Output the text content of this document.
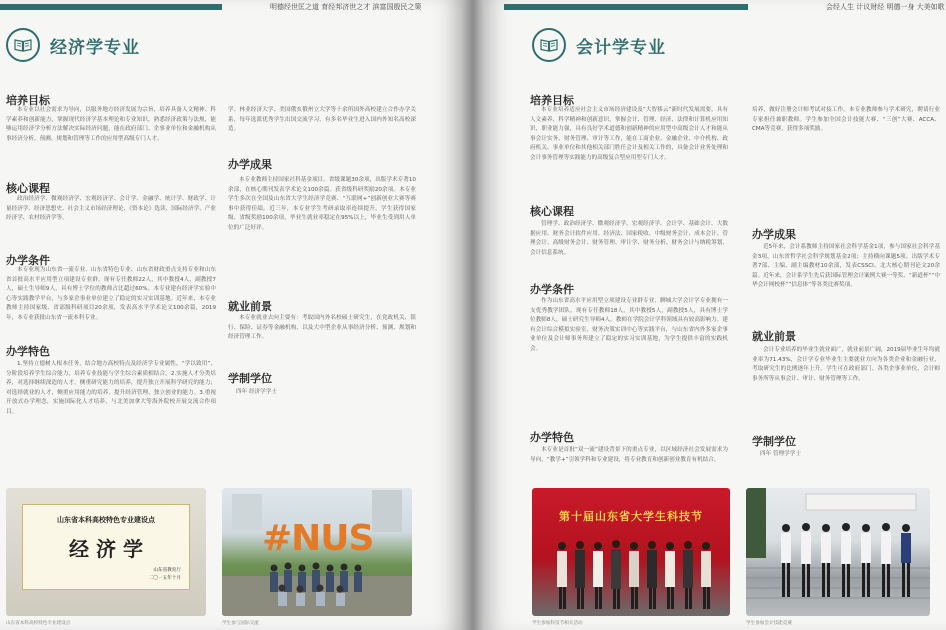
明德经世匡之道 育经邦济世之才 滨富国殷民之策
经济学专业
培养目标
本专业以社会需求为导向，以服务地方经济发展为宗旨，培养具备人文精神、科学素养和创新能力，掌握现代经济学基本理论和专业知识，熟悉经济政策与法规，能够运用经济学分析方法解决实际经济问题，能在政府部门、企事业单位和金融机构从事经济分析、预测、规划和管理等工作的应用型高级专门人才。
核心课程
政治经济学、微观经济学、宏观经济学、会计学、金融学、统计学、财政学、计量经济学、经济思想史、社会主义市场经济理论、《资本论》选读、国际经济学、产业经济学、农村经济学等。
办学条件
本专业现为山东省一流专业、山东省特色专业、山东省财政重点支持专业和山东省首批高水平应用型立项建设专业群。现有专任教师22人，其中教授4人，副教授7人，硕士生导师9人，具有博士学位的教师占比超过60%。本专业建有经济学实验中心等实践教学平台，与多家企事业单位建立了稳定的实习实训基地。近年来，本专业教师主持国家级、省部级科研项目20余项，发表高水平学术论文100余篇，2019年，本专业获批山东省一流本科专业。
办学特色
1.坚持立德树人根本任务，结合地方高校特点及经济学专业属性，“学以致用”，分阶段培养学生综合能力，培养专业技能与学生综合素质相结合。2.实施人才分类培养，对选择继续深造的人才，侧重研究能力的培养，提升独立开展科学研究的能力；对选择就业的人才，侧重应用能力的培养，提升经济管理、独立创业的能力。3.重视开放式办学理念，实施国际化人才培养，与北美加拿大等海外院校开展交流合作项目。
学、林业经济大学、美国俄亥俄州立大学等十余所国外高校建立合作办学关系，每年选派优秀学生出国交流学习，有多名毕业生进入国内外知名高校深造。
办学成果
本专业教师主持国家社科基金项目、省级课题30余项，出版学术专著10余部，在核心期刊发表学术论文100余篇。获省级科研奖励20余项。本专业学生多次在全国及山东省大学生经济学竞赛、“互联网+”创新创业大赛等赛事中获得佳绩。近三年，本专业学生考研录取率连续提升，学生获得国家级、省级奖励100余项，毕业生就业率稳定在95%以上，毕业生受到用人单位的广泛好评。
就业前景
本专业就业去向主要有：考取国内外名校硕士研究生，在党政机关、银行、保险、证券等金融机构，以及大中型企业从事经济分析、预测、规划和经济管理工作。
学制学位
四年 经济学学士
山东省本科高校特色专业建设点
经 济 学
山东省教育厅
二〇一五年十月
山东省本科高校特色专业建设点
#NUS
学生参与国际交流
会经人生 计议财经 明德一身 大美如歌
会计学专业
培养目标
本专业培养适应社会主义市场经济建设及“大智移云”新时代发展需要，具有人文素养、科学精神和创新意识，掌握会计、管理、经济、法律和计算机应用知识，职业能力强，具有良好学术道德和创新精神的应用型中高级会计人才和能从事会计实务、财务管理、审计等工作，能在工商企业、金融企业、中介机构、政府机关、事业单位和其他相关部门胜任会计及相关工作的，具备会计业务处理和会计事务管理等实践能力的高级复合型应用型专门人才。
核心课程
管理学、政治经济学、微观经济学、宏观经济学、会计学、基础会计、大数据应用、财务会计软件应用、经济法、国家税收、中级财务会计、成本会计、管理会计、高级财务会计、财务管理、审计学、财务分析、财务会计与纳税筹划、会计信息系统。
办学条件
作为山东省高水平应用型立项建设专业群专业，聊城大学会计学专业拥有一支优秀教学团队，现有专任教师18人，其中教授5人，副教授5人，具有博士学位教师8人，硕士研究生导师4人。教师在学院会计学科领域具有较高影响力。建有会计综合模拟实验室、财务决策实训中心等实践平台，与山东省内外多家企事业单位及会计师事务所建立了稳定的实习实训基地，为学生提供丰富的实践机会。
办学特色
本专业是首批“双一流”建设背景下的重点专业，以区域经济社会发展需求为导向，“教学+”引领学科和专业建设，将专业教育和创新创业教育有机结合。
培养，做好注册会计师考试对接工作。本专业教师参与学术研究，聘请行业专家担任兼职教师。学生参加全国会计技能大赛、“三创”大赛、ACCA、CMA等竞赛，获得多项奖励。
办学成果
近5年来，会计系教师主持国家社会科学基金1项，参与国家社会科学基金3项，山东省哲学社会科学规划基金2项；主持横向课题5项。出版学术专著7部、主编、副主编教材10余部，发表CSSCI、北大核心期刊论文20余篇。近年来，会计系学生先后获国际管理会计案例大赛一等奖、“新道杯”“中华会计网校杯”“信息体”等各类比赛奖项。
就业前景
会计专业培养的毕业生就业面广，就业前景广阔，2019届毕业生年均就业率为71.43%，会计学专业毕业生主要就业方向为各类企业和金融行业，考取研究生的比例逐年上升。学生可在政府部门、各类企事业单位、会计师事务所等从事会计、审计、财务管理等工作。
学制学位
四年 管理学学士
第十届山东省大学生科技节
学生参加科技节相关活动	学生参加会计技能竞赛
